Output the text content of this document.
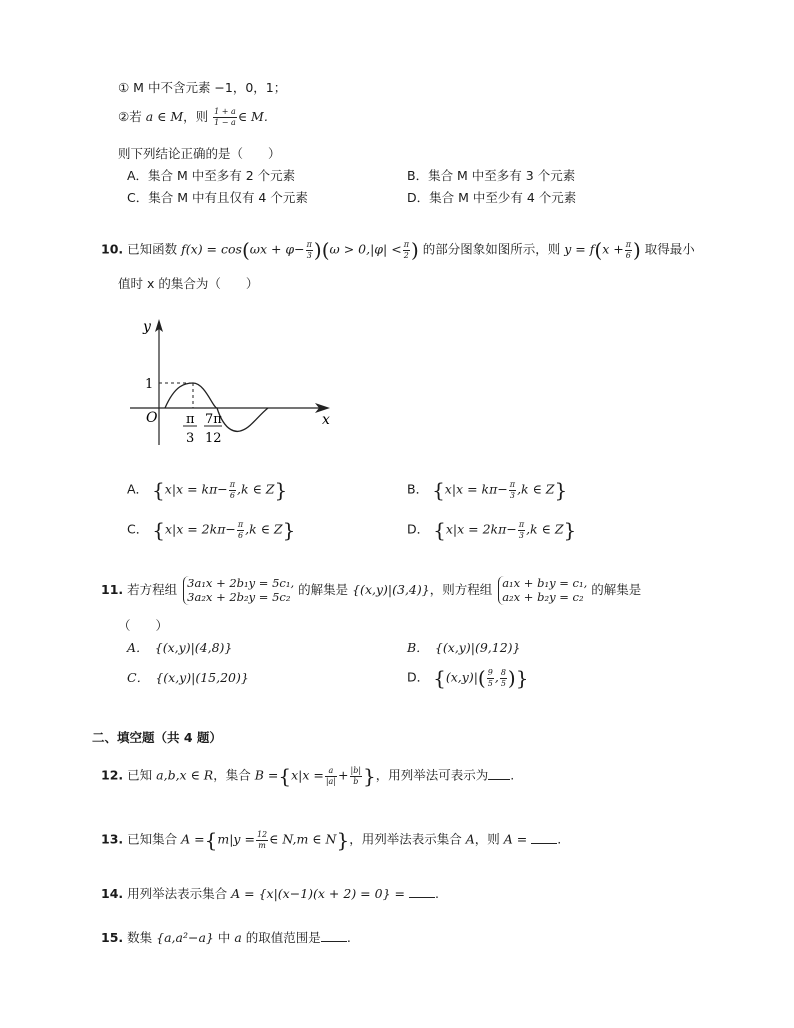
① M 中不含元素 −1，0，1；
②若 a ∈ M，则 $\frac{1 + a}{1 - a}$ ∈ M.
则下列结论正确的是（　　）
A．集合 M 中至多有 2 个元素	B．集合 M 中至多有 3 个元素
C．集合 M 中有且仅有 4 个元素	D．集合 M 中至少有 4 个元素
10. 已知函数 $f(x) = \cos(\omega x + \varphi- \frac{\pi}{3} )(\omega > 0,|\varphi| < \frac{\pi}{2}$ ) 的部分图象如图所示，则 $y = f(x + \frac{\pi}{6}$ ) 取得最小
值时 x 的集合为（　　）
y
x
O
1
π
3
7π
12
A． {$x|x = k\pi- \frac{\pi}{6} ,k$ ∈ Z}	B． {$x|x = k\pi- \frac{\pi}{3} ,k$ ∈ Z}
C． {$x|x = 2k\pi- \frac{\pi}{6} ,k$ ∈ Z}	D． {$x|x = 2k\pi- \frac{\pi}{3} ,k$ ∈ Z}
11. 若方程组 3a₁x + 2b₁y = 5c₁,
3a₂x + 2b₂y = 5c₂
的解集是 {(x,y)|(3,4)}，则方程组 a₁x + b₁y = c₁,
a₂x + b₂y = c₂
的解集是
（　　）
A．　{(x,y)|(4,8)}	B．　{(x,y)|(9,12)}
C．　{(x,y)|(15,20)}	D． {$(x,y)|( \frac{9}{5}$ , $\frac{8}{5}$ )}
二、填空题（共 4 题）
12. 已知 a,b,x ∈ R，集合 $B =\{x|x = \frac{a}{|a|} + \frac{|b|}{b}$ }，用列举法可表示为 .
13. 已知集合 $A =\{m|y = \frac{12}{m}$ ∈ N,m ∈ N}，用列举法表示集合 A，则 A = .
14. 用列举法表示集合 A = {x|(x−1)(x + 2) = 0} = .
15. 数集 {a,a²−a} 中 a 的取值范围是 .
